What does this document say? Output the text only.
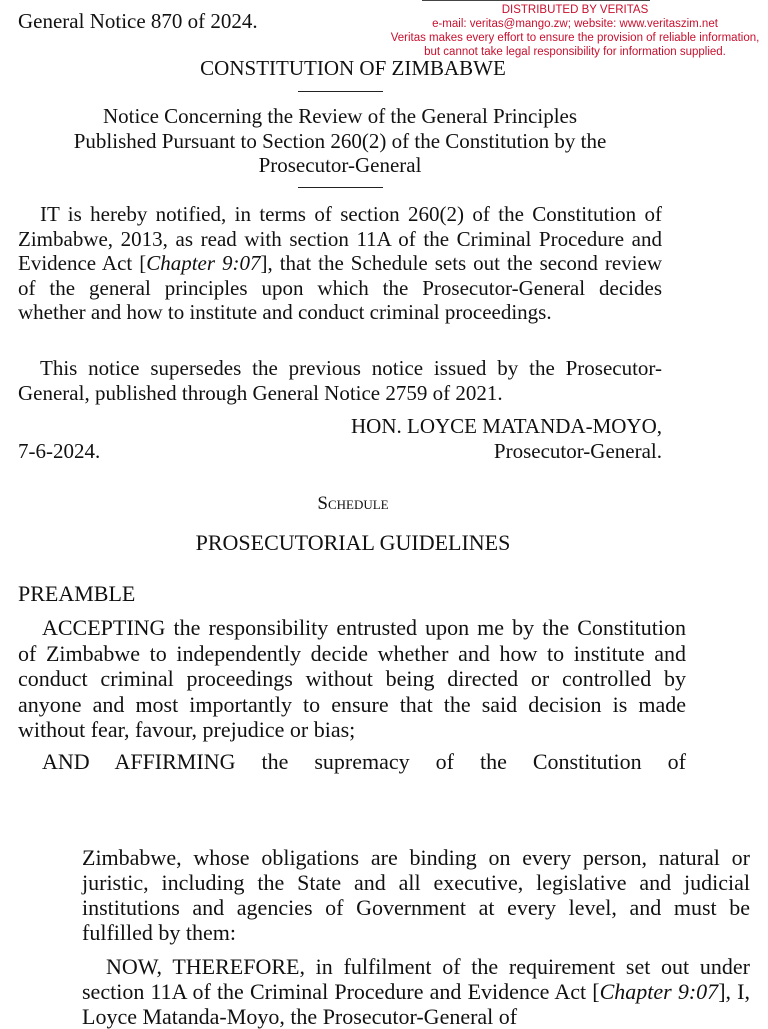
General Notice 870 of 2024.	DISTRIBUTED BY VERITAS
e-mail: veritas@mango.zw; website: www.veritaszim.net
Veritas makes every effort to ensure the provision of reliable information,
but cannot take legal responsibility for information supplied.
CONSTITUTION OF ZIMBABWE
Notice Concerning the Review of the General Principles
Published Pursuant to Section 260(2) of the Constitution by the
Prosecutor-General
IT is hereby notified, in terms of section 260(2) of the Constitution of Zimbabwe, 2013, as read with section 11A of the Criminal Procedure and Evidence Act [Chapter 9:07], that the Schedule sets out the second review of the general principles upon which the Prosecutor-General decides whether and how to institute and conduct criminal proceedings.
This notice supersedes the previous notice issued by the Prosecutor-General, published through General Notice 2759 of 2021.
HON. LOYCE MATANDA-MOYO,
7-6-2024.	Prosecutor-General.
Schedule
PROSECUTORIAL GUIDELINES
PREAMBLE
ACCEPTING the responsibility entrusted upon me by the Constitution of Zimbabwe to independently decide whether and how to institute and conduct criminal proceedings without being directed or controlled by anyone and most importantly to ensure that the said decision is made without fear, favour, prejudice or bias;
AND AFFIRMING the supremacy of the Constitution of
Zimbabwe, whose obligations are binding on every person, natural or juristic, including the State and all executive, legislative and judicial institutions and agencies of Government at every level, and must be fulfilled by them:
NOW, THEREFORE, in fulfilment of the requirement set out under section 11A of the Criminal Procedure and Evidence Act [Chapter 9:07], I, Loyce Matanda-Moyo, the Prosecutor-General of
